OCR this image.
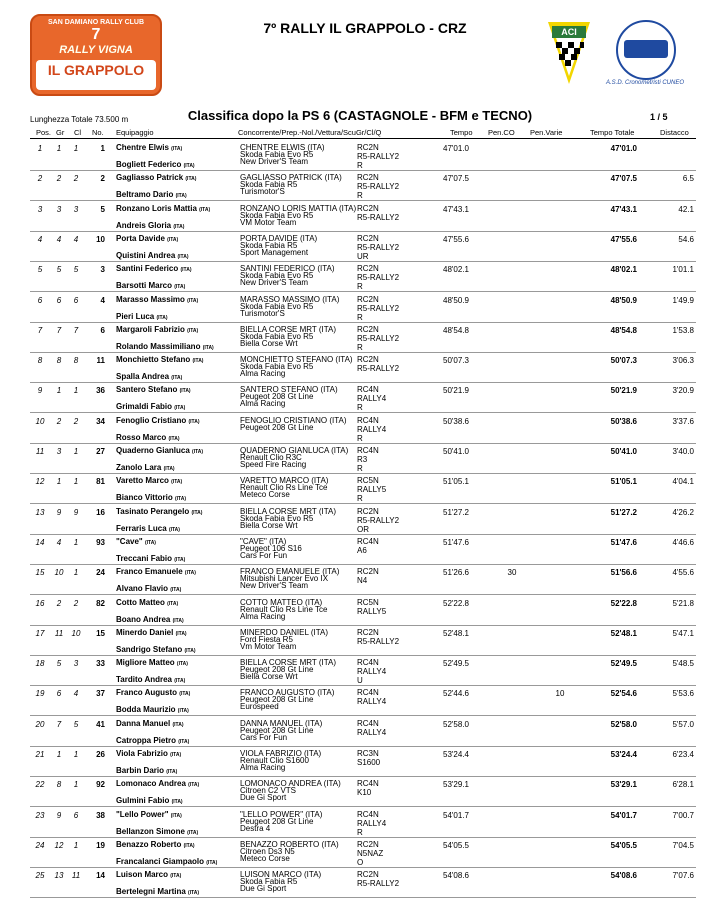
SAN DAMIANO RALLY CLUB
7
RALLY VIGNA
IL GRAPPOLO
7º RALLY IL GRAPPOLO - CRZ	ACI
A.S.D. Cronometristi CUNEO
Lunghezza Totale 73.500 m	Classifica dopo la PS 6 (CASTAGNOLE - BFM e TECNO)	1 / 5
Pos. Gr Cl No. Equipaggio	Concorrente/Prep.-Nol./Vettura/ScuGr/Cl/Q	Tempo Pen.CO Pen.Varie	Tempo Totale	Distacco
1	1	1	1 Chentre Elwis (ITA)
Bogliett Federico (ITA)
CHENTRE ELWIS (ITA)	RC2N
Skoda Fabia Evo R5	R5-RALLY2
New Driver'S Team	R
47'01.0	47'01.0
2	2	2	2 Gagliasso Patrick (ITA)
Beltramo Dario (ITA)
GAGLIASSO PATRICK (ITA) RC2N
Skoda Fabia R5	R5-RALLY2
Turismotor'S	R
47'07.5	47'07.5	6.5
3	3	3	5 Ronzano Loris Mattia (ITA)
Andreis Gloria (ITA)
RONZANO LORIS MATTIA (ITA) RC2N
Skoda Fabia Evo R5	R5-RALLY2
VM Motor Team
47'43.1	47'43.1	42.1
4	4	4	10 Porta Davide (ITA)
Quistini Andrea (ITA)
PORTA DAVIDE (ITA)	RC2N
Skoda Fabia R5	R5-RALLY2
Sport Management	UR
47'55.6	47'55.6	54.6
5	5	5	3 Santini Federico (ITA)
Barsotti Marco (ITA)
SANTINI FEDERICO (ITA)	RC2N
Skoda Fabia Evo R5	R5-RALLY2
New Driver'S Team	R
48'02.1	48'02.1	1'01.1
6	6	6	4 Marasso Massimo (ITA)
Pieri Luca (ITA)
MARASSO MASSIMO (ITA) RC2N
Skoda Fabia Evo R5	R5-RALLY2
Turismotor'S	R
48'50.9	48'50.9	1'49.9
7	7	7	6 Margaroli Fabrizio (ITA)
Rolando Massimiliano (ITA)
BIELLA CORSE MRT (ITA)	RC2N
Skoda Fabia Evo R5	R5-RALLY2
Biella Corse Wrt	R
48'54.8	48'54.8	1'53.8
8	8	8	11 Monchietto Stefano (ITA)
Spalla Andrea (ITA)
MONCHIETTO STEFANO (ITA) RC2N
Skoda Fabia Evo R5	R5-RALLY2
Alma Racing
50'07.3	50'07.3	3'06.3
9	1	1	36 Santero Stefano (ITA)
Grimaldi Fabio (ITA)
SANTERO STEFANO (ITA) RC4N
Peugeot 208 Gt Line	RALLY4
Alma Racing	R
50'21.9	50'21.9	3'20.9
10	2	2	34 Fenoglio Cristiano (ITA)
Rosso Marco (ITA)
FENOGLIO CRISTIANO (ITA) RC4N
Peugeot 208 Gt Line	RALLY4
R
50'38.6	50'38.6	3'37.6
11	3	1	27 Quaderno Gianluca (ITA)
Zanolo Lara (ITA)
QUADERNO GIANLUCA (ITA) RC4N
Renault Clio R3C	R3
Speed Fire Racing	R
50'41.0	50'41.0	3'40.0
12	1	1	81 Varetto Marco (ITA)
Bianco Vittorio (ITA)
VARETTO MARCO (ITA)	RC5N
Renault Clio Rs Line Tce	RALLY5
Meteco Corse	R
51'05.1	51'05.1	4'04.1
13	9	9	16 Tasinato Perangelo (ITA)
Ferraris Luca (ITA)
BIELLA CORSE MRT (ITA)	RC2N
Skoda Fabia Evo R5	R5-RALLY2
Biella Corse Wrt	OR
51'27.2	51'27.2	4'26.2
14	4	1	93 "Cave" (ITA)
Treccani Fabio (ITA)
"CAVE" (ITA)	RC4N
Peugeot 106 S16	A6
Cars For Fun
51'47.6	51'47.6	4'46.6
15	10	1	24 Franco Emanuele (ITA)
Alvano Flavio (ITA)
FRANCO EMANUELE (ITA) RC2N
Mitsubishi Lancer Evo IX	N4
New Driver'S Team
51'26.6	30	51'56.6	4'55.6
16	2	2	82 Cotto Matteo (ITA)
Boano Andrea (ITA)
COTTO MATTEO (ITA)	RC5N
Renault Clio Rs Line Tce	RALLY5
Alma Racing
52'22.8	52'22.8	5'21.8
17	11	10	15 Minerdo Daniel (ITA)
Sandrigo Stefano (ITA)
MINERDO DANIEL (ITA)	RC2N
Ford Fiesta R5	R5-RALLY2
Vm Motor Team
52'48.1	52'48.1	5'47.1
18	5	3	33 Migliore Matteo (ITA)
Tardito Andrea (ITA)
BIELLA CORSE MRT (ITA)	RC4N
Peugeot 208 Gt Line	RALLY4
Biella Corse Wrt	U
52'49.5	52'49.5	5'48.5
19	6	4	37 Franco Augusto (ITA)
Bodda Maurizio (ITA)
FRANCO AUGUSTO (ITA)	RC4N
Peugeot 208 Gt Line	RALLY4
Eurospeed
52'44.6	10	52'54.6	5'53.6
20	7	5	41 Danna Manuel (ITA)
Catroppa Pietro (ITA)
DANNA MANUEL (ITA)	RC4N
Peugeot 208 Gt Line	RALLY4
Cars For Fun
52'58.0	52'58.0	5'57.0
21	1	1	26 Viola Fabrizio (ITA)
Barbin Dario (ITA)
VIOLA FABRIZIO (ITA)	RC3N
Renault Clio S1600	S1600
Alma Racing
53'24.4	53'24.4	6'23.4
22	8	1	92 Lomonaco Andrea (ITA)
Gulmini Fabio (ITA)
LOMONACO ANDREA (ITA) RC4N
Citroen C2 VTS	K10
Due Gi Sport
53'29.1	53'29.1	6'28.1
23	9	6	38 "Lello Power" (ITA)
Bellanzon Simone (ITA)
"LELLO POWER" (ITA)	RC4N
Peugeot 208 Gt Line	RALLY4
Destra 4	R
54'01.7	54'01.7	7'00.7
24	12	1	19 Benazzo Roberto (ITA)
Francalanci Giampaolo (ITA)
BENAZZO ROBERTO (ITA) RC2N
Citroen Ds3 N5	N5NAZ
Meteco Corse	O
54'05.5	54'05.5	7'04.5
25	13	11	14 Luison Marco (ITA)
Bertelegni Martina (ITA)
LUISON MARCO (ITA)	RC2N
Skoda Fabia R5	R5-RALLY2
Due Gi Sport
54'08.6	54'08.6	7'07.6
